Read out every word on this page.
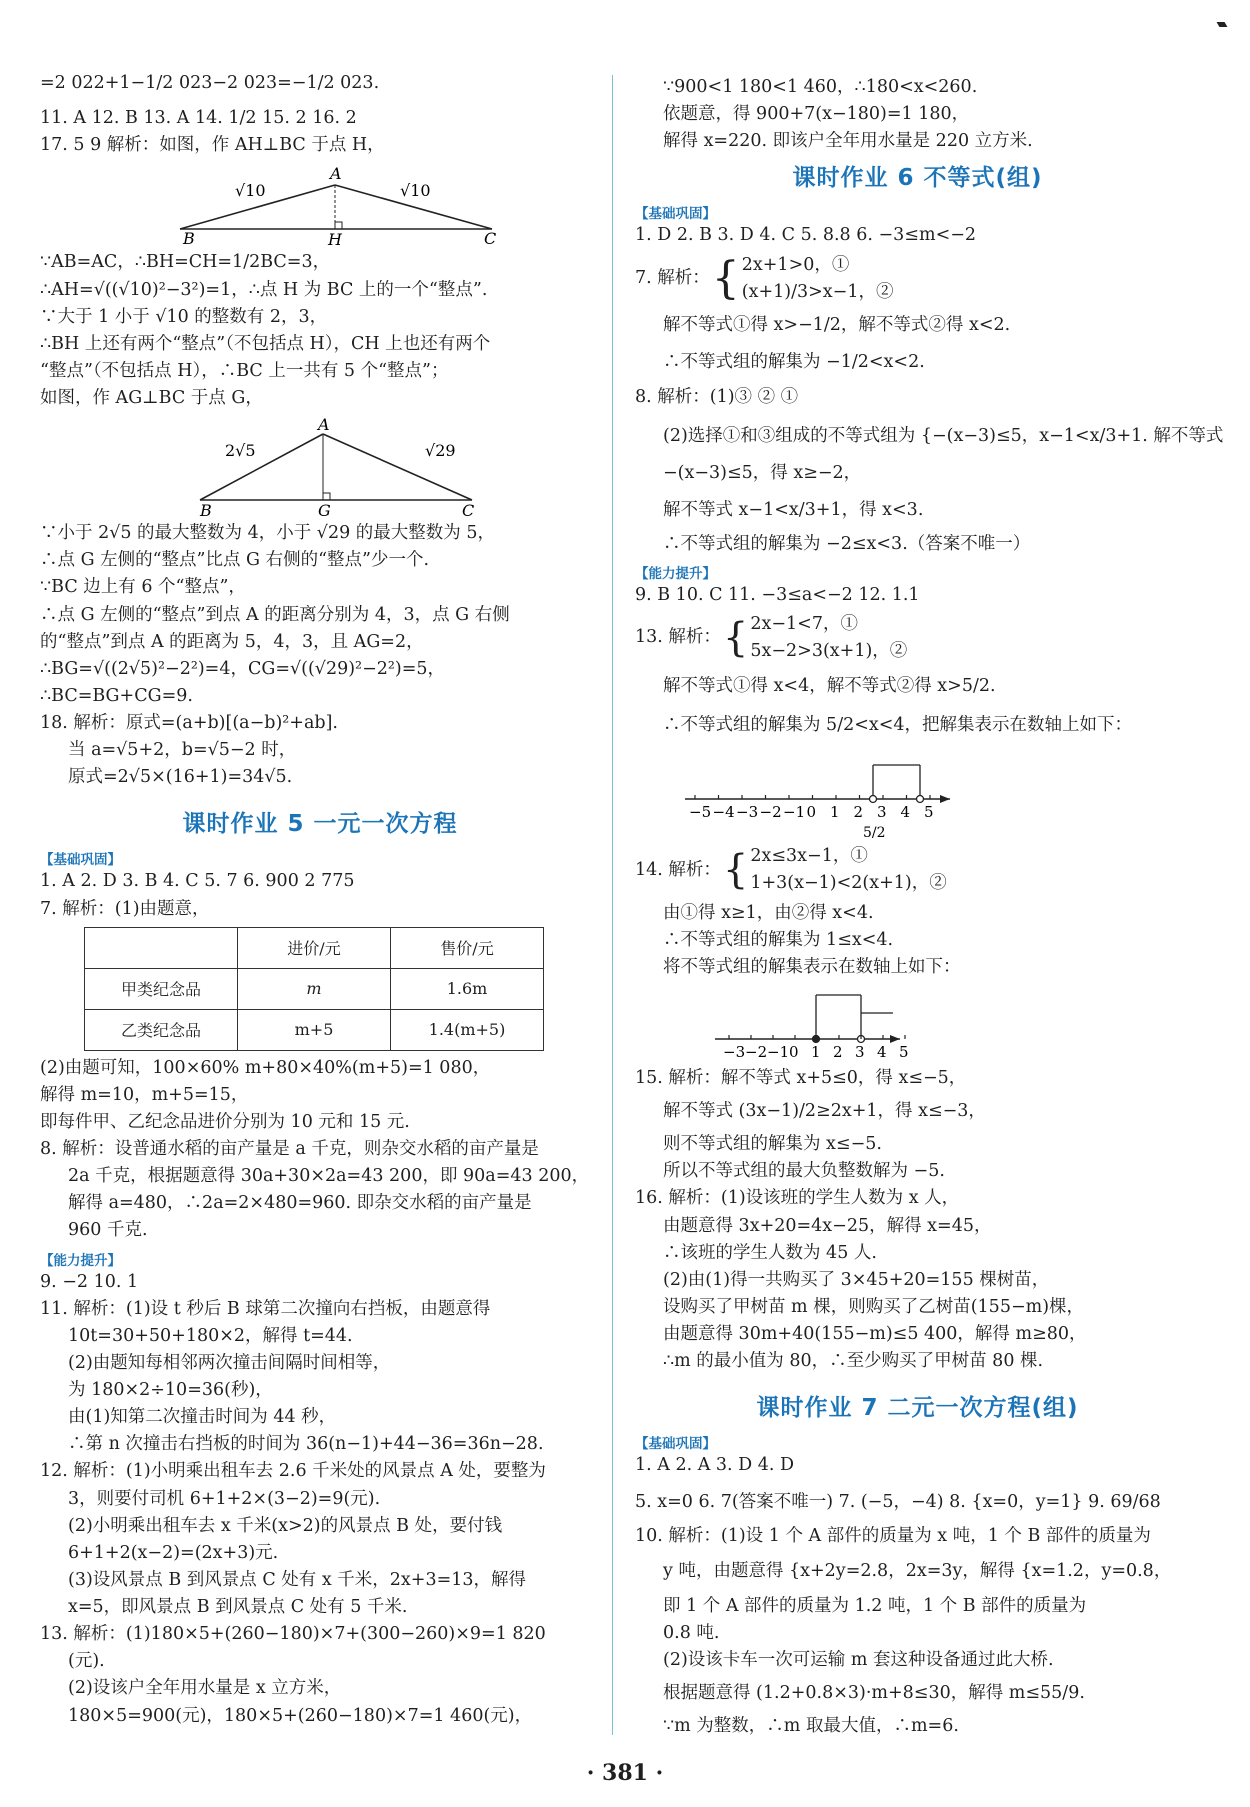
=2 022+1−1/2 023−2 023=−1/2 023.
11. A 12. B 13. A 14. 1/2 15. 2 16. 2
17. 5 9 解析：如图，作 AH⊥BC 于点 H，
A
B	H	C
√10	√10
∵AB=AC，∴BH=CH=1/2BC=3，
∴AH=√((√10)²−3²)=1，∴点 H 为 BC 上的一个“整点”.
∵大于 1 小于 √10 的整数有 2，3，
∴BH 上还有两个“整点”（不包括点 H），CH 上也还有两个
“整点”（不包括点 H），∴BC 上一共有 5 个“整点”；
如图，作 AG⊥BC 于点 G，
A
B	G	C
2√5	√29
∵小于 2√5 的最大整数为 4，小于 √29 的最大整数为 5，
∴点 G 左侧的“整点”比点 G 右侧的“整点”少一个.
∵BC 边上有 6 个“整点”，
∴点 G 左侧的“整点”到点 A 的距离分别为 4，3，点 G 右侧
的“整点”到点 A 的距离为 5，4，3，且 AG=2，
∴BG=√((2√5)²−2²)=4，CG=√((√29)²−2²)=5，
∴BC=BG+CG=9.
18. 解析：原式=(a+b)[(a−b)²+ab].
当 a=√5+2，b=√5−2 时，
原式=2√5×(16+1)=34√5.
课时作业 5 一元一次方程
【基础巩固】
1. A 2. D 3. B 4. C 5. 7 6. 900 2 775
7. 解析：(1)由题意，
	进价/元	售价/元
甲类纪念品	m	1.6m
乙类纪念品	m+5	1.4(m+5)
(2)由题可知，100×60% m+80×40%(m+5)=1 080，
解得 m=10，m+5=15，
即每件甲、乙纪念品进价分别为 10 元和 15 元.
8. 解析：设普通水稻的亩产量是 a 千克，则杂交水稻的亩产量是
2a 千克，根据题意得 30a+30×2a=43 200，即 90a=43 200，
解得 a=480，∴2a=2×480=960. 即杂交水稻的亩产量是
960 千克.
【能力提升】
9. −2 10. 1
11. 解析：(1)设 t 秒后 B 球第二次撞向右挡板，由题意得
10t=30+50+180×2，解得 t=44.
(2)由题知每相邻两次撞击间隔时间相等，
为 180×2÷10=36(秒)，
由(1)知第二次撞击时间为 44 秒，
∴第 n 次撞击右挡板的时间为 36(n−1)+44−36=36n−28.
12. 解析：(1)小明乘出租车去 2.6 千米处的风景点 A 处，要整为
3，则要付司机 6+1+2×(3−2)=9(元).
(2)小明乘出租车去 x 千米(x>2)的风景点 B 处，要付钱
6+1+2(x−2)=(2x+3)元.
(3)设风景点 B 到风景点 C 处有 x 千米，2x+3=13，解得
x=5，即风景点 B 到风景点 C 处有 5 千米.
13. 解析：(1)180×5+(260−180)×7+(300−260)×9=1 820
(元).
(2)设该户全年用水量是 x 立方米，
180×5=900(元)，180×5+(260−180)×7=1 460(元)，
∵900<1 180<1 460，∴180<x<260.
依题意，得 900+7(x−180)=1 180，
解得 x=220. 即该户全年用水量是 220 立方米.
课时作业 6 不等式(组)
【基础巩固】
1. D 2. B 3. D 4. C 5. 8.8 6. −3≤m<−2
7. 解析： { 2x+1>0，①
(x+1)/3>x−1，②
解不等式①得 x>−1/2，解不等式②得 x<2.
∴不等式组的解集为 −1/2<x<2.
8. 解析：(1)③ ② ①
(2)选择①和③组成的不等式组为 {−(x−3)≤5，x−1<x/3+1. 解不等式
−(x−3)≤5，得 x≥−2，
解不等式 x−1<x/3+1，得 x<3.
∴不等式组的解集为 −2≤x<3.（答案不唯一）
【能力提升】
9. B 10. C 11. −3≤a<−2 12. 1.1
13. 解析： { 2x−1<7，①
5x−2>3(x+1)，②
解不等式①得 x<4，解不等式②得 x>5/2.
∴不等式组的解集为 5/2<x<4，把解集表示在数轴上如下：
−5 −4 −3 −2 −1 0 1 2 3 4 5
5/2
14. 解析： { 2x≤3x−1，①
1+3(x−1)<2(x+1)，②
由①得 x≥1，由②得 x<4.
∴不等式组的解集为 1≤x<4.
将不等式组的解集表示在数轴上如下：
−3 −2 −1 0 1 2 3 4 5
15. 解析：解不等式 x+5≤0，得 x≤−5，
解不等式 (3x−1)/2≥2x+1，得 x≤−3，
则不等式组的解集为 x≤−5.
所以不等式组的最大负整数解为 −5.
16. 解析：(1)设该班的学生人数为 x 人，
由题意得 3x+20=4x−25，解得 x=45，
∴该班的学生人数为 45 人.
(2)由(1)得一共购买了 3×45+20=155 棵树苗，
设购买了甲树苗 m 棵，则购买了乙树苗(155−m)棵，
由题意得 30m+40(155−m)≤5 400，解得 m≥80，
∴m 的最小值为 80，∴至少购买了甲树苗 80 棵.
课时作业 7 二元一次方程(组)
【基础巩固】
1. A 2. A 3. D 4. D
5. x=0 6. 7(答案不唯一) 7. (−5，−4) 8. {x=0，y=1} 9. 69/68
10. 解析：(1)设 1 个 A 部件的质量为 x 吨，1 个 B 部件的质量为
y 吨，由题意得 {x+2y=2.8，2x=3y，解得 {x=1.2，y=0.8，
即 1 个 A 部件的质量为 1.2 吨，1 个 B 部件的质量为
0.8 吨.
(2)设该卡车一次可运输 m 套这种设备通过此大桥.
根据题意得 (1.2+0.8×3)·m+8≤30，解得 m≤55/9.
∵m 为整数，∴m 取最大值，∴m=6.
· 381 ·
